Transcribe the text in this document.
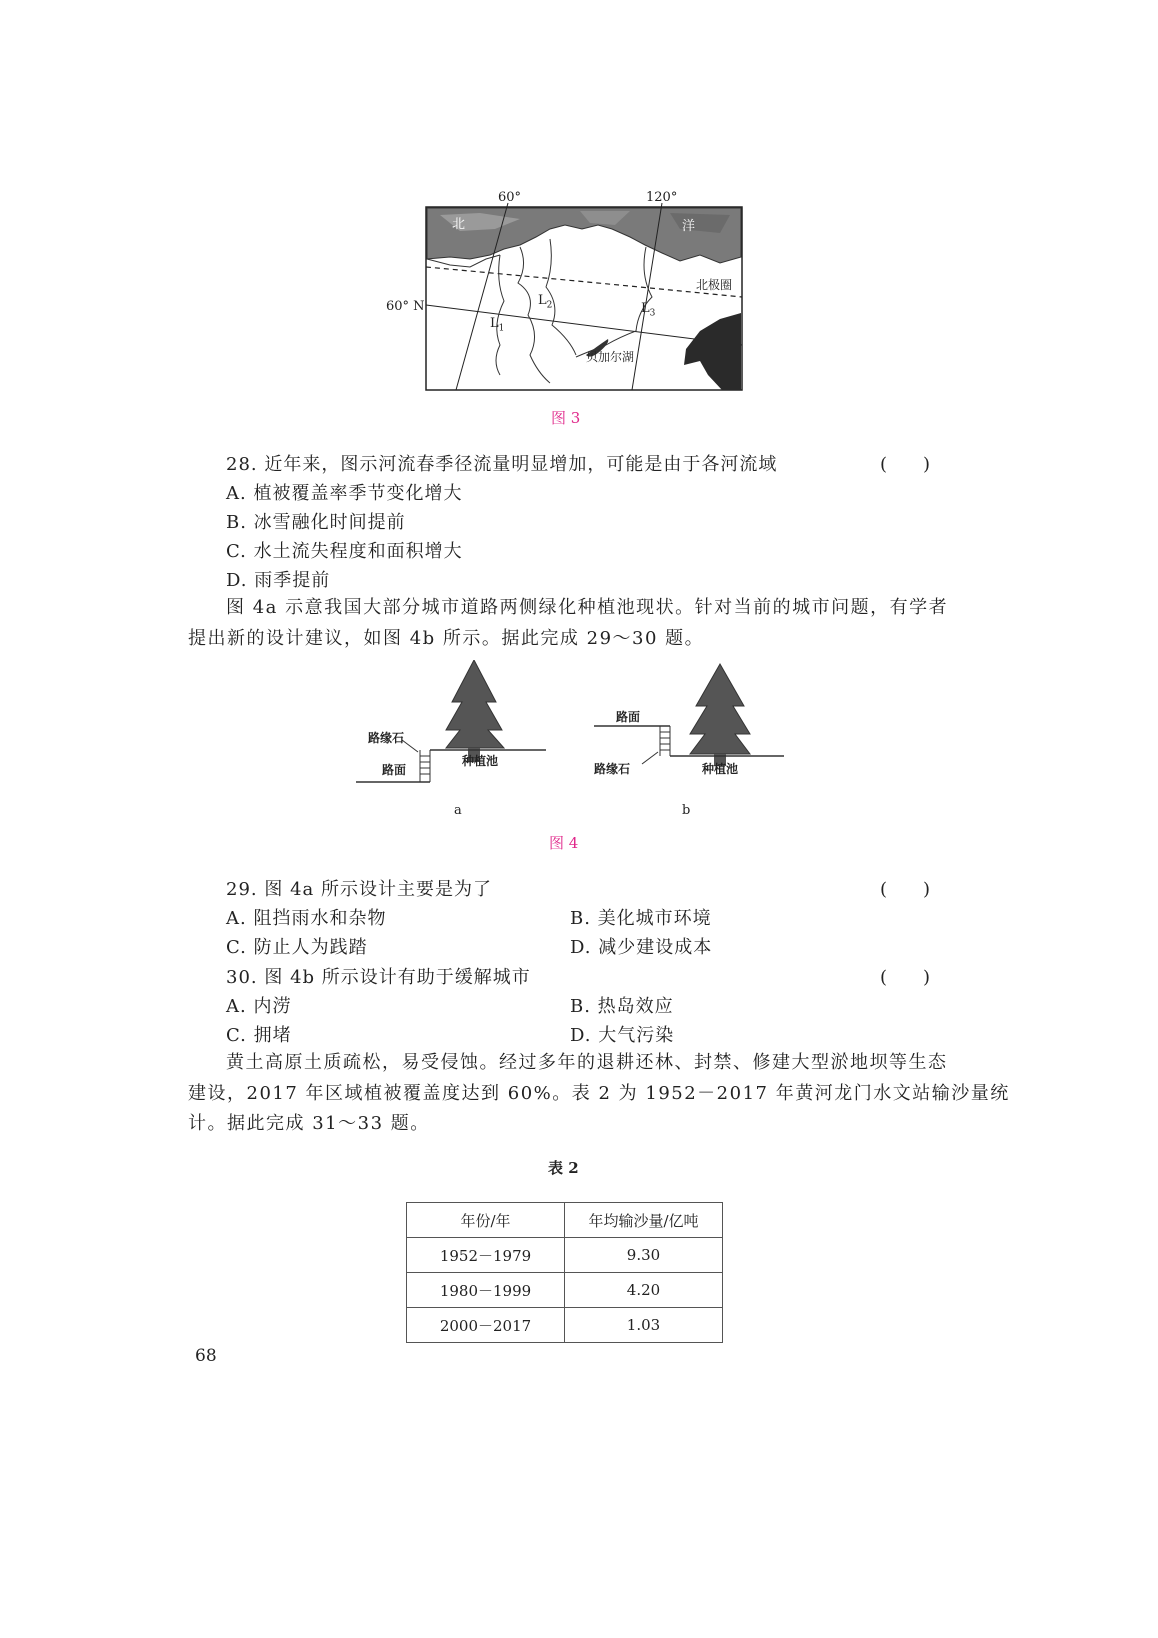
60°	120°
60° N
北	洋
北极圈
$L_1$
$L_2$	$L_3$
贝加尔湖
图 3
28. 近年来，图示河流春季径流量明显增加，可能是由于各河流域	(　　)
A. 植被覆盖率季节变化增大
B. 冰雪融化时间提前
C. 水土流失程度和面积增大
D. 雨季提前
图 4a 示意我国大部分城市道路两侧绿化种植池现状。针对当前的城市问题，有学者
提出新的设计建议，如图 4b 所示。据此完成 29～30 题。
路缘石
路面
种植池
路面
路缘石	种植池
a	b
图 4
29. 图 4a 所示设计主要是为了	(　　)
A. 阻挡雨水和杂物	B. 美化城市环境
C. 防止人为践踏	D. 减少建设成本
30. 图 4b 所示设计有助于缓解城市	(　　)
A. 内涝	B. 热岛效应
C. 拥堵	D. 大气污染
黄土高原土质疏松，易受侵蚀。经过多年的退耕还林、封禁、修建大型淤地坝等生态
建设，2017 年区域植被覆盖度达到 60%。表 2 为 1952－2017 年黄河龙门水文站输沙量统
计。据此完成 31～33 题。
表 2
年份/年	年均输沙量/亿吨
1952－1979	9.30
1980－1999	4.20
2000－2017	1.03
68
